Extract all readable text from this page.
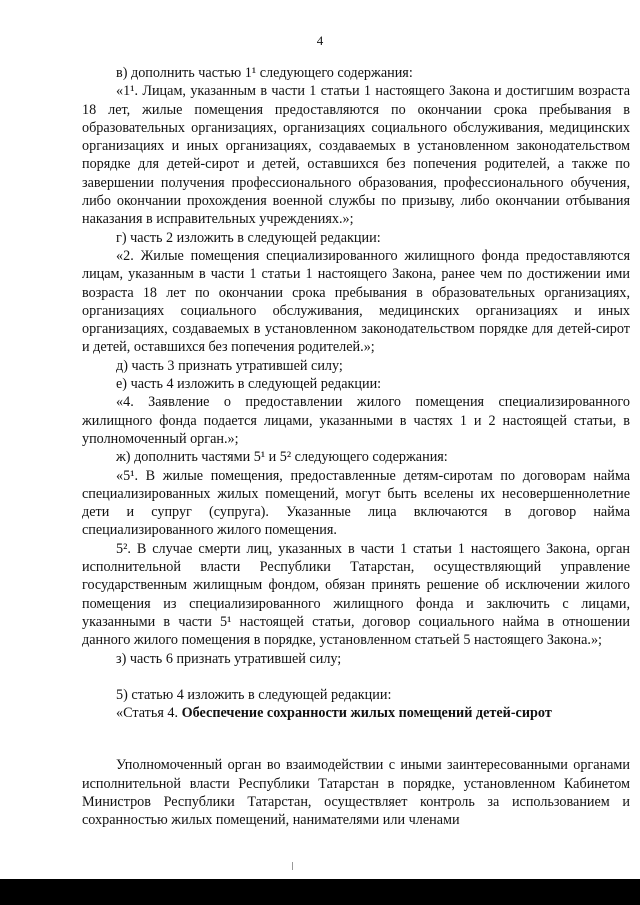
4

в) дополнить частью 1¹ следующего содержания:

«1¹. Лицам, указанным в части 1 статьи 1 настоящего Закона и достигшим возраста 18 лет, жилые помещения предоставляются по окончании срока пребывания в образовательных организациях, организациях социального обслуживания, медицинских организациях и иных организациях, создаваемых в установленном законодательством порядке для детей-сирот и детей, оставшихся без попечения родителей, а также по завершении получения профессионального образования, профессионального обучения, либо окончании прохождения военной службы по призыву, либо окончании отбывания наказания в исправительных учреждениях.»;

г) часть 2 изложить в следующей редакции:

«2. Жилые помещения специализированного жилищного фонда предоставляются лицам, указанным в части 1 статьи 1 настоящего Закона, ранее чем по достижении ими возраста 18 лет по окончании срока пребывания в образовательных организациях, организациях социального обслуживания, медицинских организациях и иных организациях, создаваемых в установленном законодательством порядке для детей-сирот и детей, оставшихся без попечения родителей.»;

д) часть 3 признать утратившей силу;

е) часть 4 изложить в следующей редакции:

«4. Заявление о предоставлении жилого помещения специализированного жилищного фонда подается лицами, указанными в частях 1 и 2 настоящей статьи, в уполномоченный орган.»;

ж) дополнить частями 5¹ и 5² следующего содержания:

«5¹. В жилые помещения, предоставленные детям-сиротам по договорам найма специализированных жилых помещений, могут быть вселены их несовершеннолетние дети и супруг (супруга). Указанные лица включаются в договор найма специализированного жилого помещения.

5². В случае смерти лиц, указанных в части 1 статьи 1 настоящего Закона, орган исполнительной власти Республики Татарстан, осуществляющий управление государственным жилищным фондом, обязан принять решение об исключении жилого помещения из специализированного жилищного фонда и заключить с лицами, указанными в части 5¹ настоящей статьи, договор социального найма в отношении данного жилого помещения в порядке, установленном статьей 5 настоящего Закона.»;

з) часть 6 признать утратившей силу;

5) статью 4 изложить в следующей редакции:

«Статья 4. Обеспечение сохранности жилых помещений детей-сирот

Уполномоченный орган во взаимодействии с иными заинтересованными органами исполнительной власти Республики Татарстан в порядке, установленном Кабинетом Министров Республики Татарстан, осуществляет контроль за использованием и сохранностью жилых помещений, нанимателями или членами
